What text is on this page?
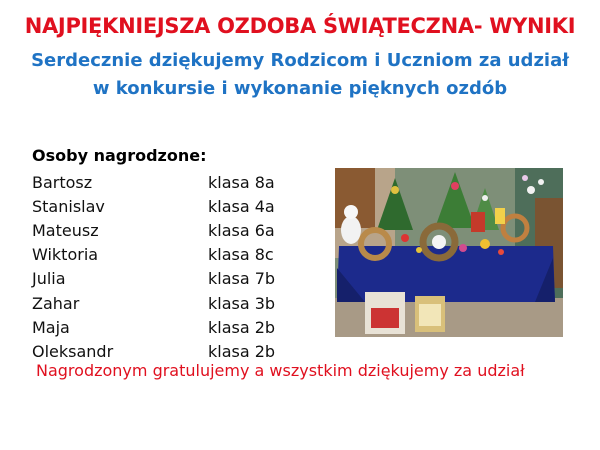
NAJPIĘKNIEJSZA OZDOBA ŚWIĄTECZNA- WYNIKI
Serdecznie dziękujemy Rodzicom i Uczniom za udział
w konkursie i wykonanie pięknych ozdób
Osoby nagrodzone:
Bartosz	klasa 8a
Stanislav	klasa 4a
Mateusz	klasa 6a
Wiktoria	klasa 8c
Julia	klasa 7b
Zahar	klasa 3b
Maja	klasa 2b
Oleksandr	klasa 2b
Nagrodzonym gratulujemy a wszystkim dziękujemy za udział
